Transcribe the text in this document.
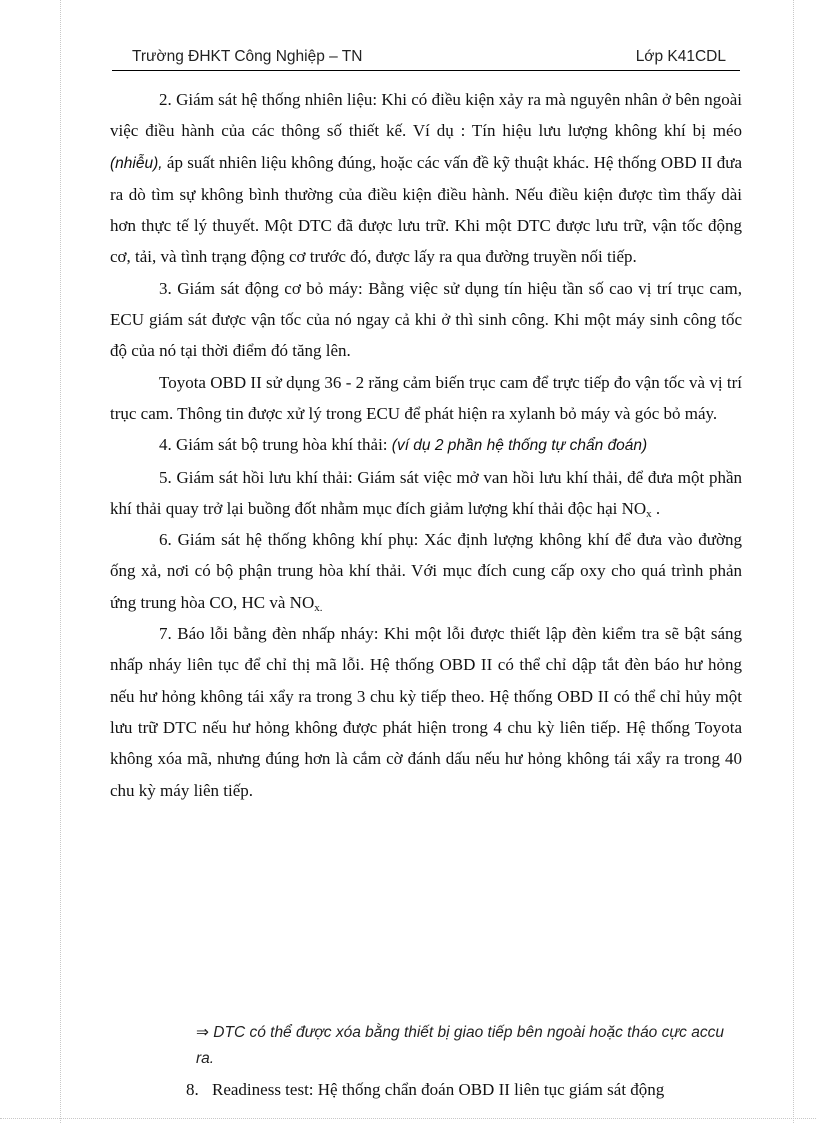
Trường ĐHKT Công Nghiệp – TN	Lớp K41CDL

2. Giám sát hệ thống nhiên liệu: Khi có điều kiện xảy ra mà nguyên nhân ở bên ngoài việc điều hành của các thông số thiết kế. Ví dụ : Tín hiệu lưu lượng không khí bị méo (nhiễu), áp suất nhiên liệu không đúng, hoặc các vấn đề kỹ thuật khác. Hệ thống OBD II đưa ra dò tìm sự không bình thường của điều kiện điều hành. Nếu điều kiện được tìm thấy dài hơn thực tế lý thuyết. Một DTC đã được lưu trữ. Khi một DTC được lưu trữ, vận tốc động cơ, tải, và tình trạng động cơ trước đó, được lấy ra qua đường truyền nối tiếp.

3. Giám sát động cơ bỏ máy: Bằng việc sử dụng tín hiệu tần số cao vị trí trục cam, ECU giám sát được vận tốc của nó ngay cả khi ở thì sinh công. Khi một máy sinh công tốc độ của nó tại thời điểm đó tăng lên.

Toyota OBD II sử dụng 36 - 2 răng cảm biến trục cam để trực tiếp đo vận tốc và vị trí trục cam. Thông tin được xử lý trong ECU để phát hiện ra xylanh bỏ máy và góc bỏ máy.

4. Giám sát bộ trung hòa khí thải: (ví dụ 2 phần hệ thống tự chẩn đoán)

5. Giám sát hồi lưu khí thải: Giám sát việc mở van hồi lưu khí thải, để đưa một phần khí thải quay trở lại buồng đốt nhằm mục đích giảm lượng khí thải độc hại $NO_x$ .

6. Giám sát hệ thống không khí phụ: Xác định lượng không khí để đưa vào đường ống xả, nơi có bộ phận trung hòa khí thải. Với mục đích cung cấp oxy cho quá trình phản ứng trung hòa CO, HC và $NO_{x.}$

7. Báo lỗi bằng đèn nhấp nháy: Khi một lỗi được thiết lập đèn kiểm tra sẽ bật sáng nhấp nháy liên tục để chỉ thị mã lỗi. Hệ thống OBD II có thể chỉ dập tắt đèn báo hư hỏng nếu hư hỏng không tái xẩy ra trong 3 chu kỳ tiếp theo. Hệ thống OBD II có thể chỉ hủy một lưu trữ DTC nếu hư hỏng không được phát hiện trong 4 chu kỳ liên tiếp. Hệ thống Toyota không xóa mã, nhưng đúng hơn là cắm cờ đánh dấu nếu hư hỏng không tái xẩy ra trong 40 chu kỳ máy liên tiếp.

⇒ DTC có thể được xóa bằng thiết bị giao tiếp bên ngoài hoặc tháo cực accu ra.
8. Readiness test: Hệ thống chẩn đoán OBD II liên tục giám sát động
